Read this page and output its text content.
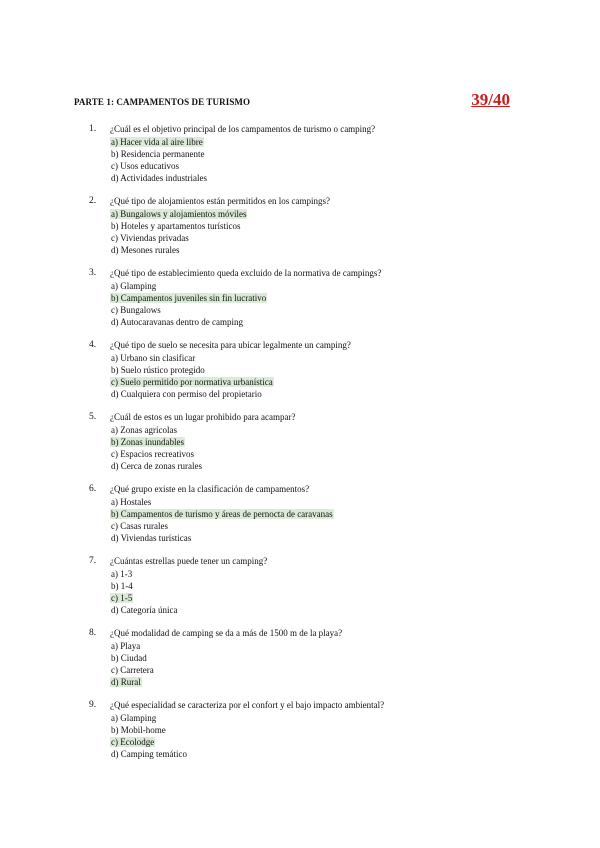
PARTE 1: CAMPAMENTOS DE TURISMO	39/40
1. ¿Cuál es el objetivo principal de los campamentos de turismo o camping?
a) Hacer vida al aire libre
b) Residencia permanente
c) Usos educativos
d) Actividades industriales
2. ¿Qué tipo de alojamientos están permitidos en los campings?
a) Bungalows y alojamientos móviles
b) Hoteles y apartamentos turísticos
c) Viviendas privadas
d) Mesones rurales
3. ¿Qué tipo de establecimiento queda excluido de la normativa de campings?
a) Glamping
b) Campamentos juveniles sin fin lucrativo
c) Bungalows
d) Autocaravanas dentro de camping
4. ¿Qué tipo de suelo se necesita para ubicar legalmente un camping?
a) Urbano sin clasificar
b) Suelo rústico protegido
c) Suelo permitido por normativa urbanística
d) Cualquiera con permiso del propietario
5. ¿Cuál de estos es un lugar prohibido para acampar?
a) Zonas agrícolas
b) Zonas inundables
c) Espacios recreativos
d) Cerca de zonas rurales
6. ¿Qué grupo existe en la clasificación de campamentos?
a) Hostales
b) Campamentos de turismo y áreas de pernocta de caravanas
c) Casas rurales
d) Viviendas turísticas
7. ¿Cuántas estrellas puede tener un camping?
a) 1-3
b) 1-4
c) 1-5
d) Categoría única
8. ¿Qué modalidad de camping se da a más de 1500 m de la playa?
a) Playa
b) Ciudad
c) Carretera
d) Rural
9. ¿Qué especialidad se caracteriza por el confort y el bajo impacto ambiental?
a) Glamping
b) Mobil-home
c) Ecolodge
d) Camping temático
